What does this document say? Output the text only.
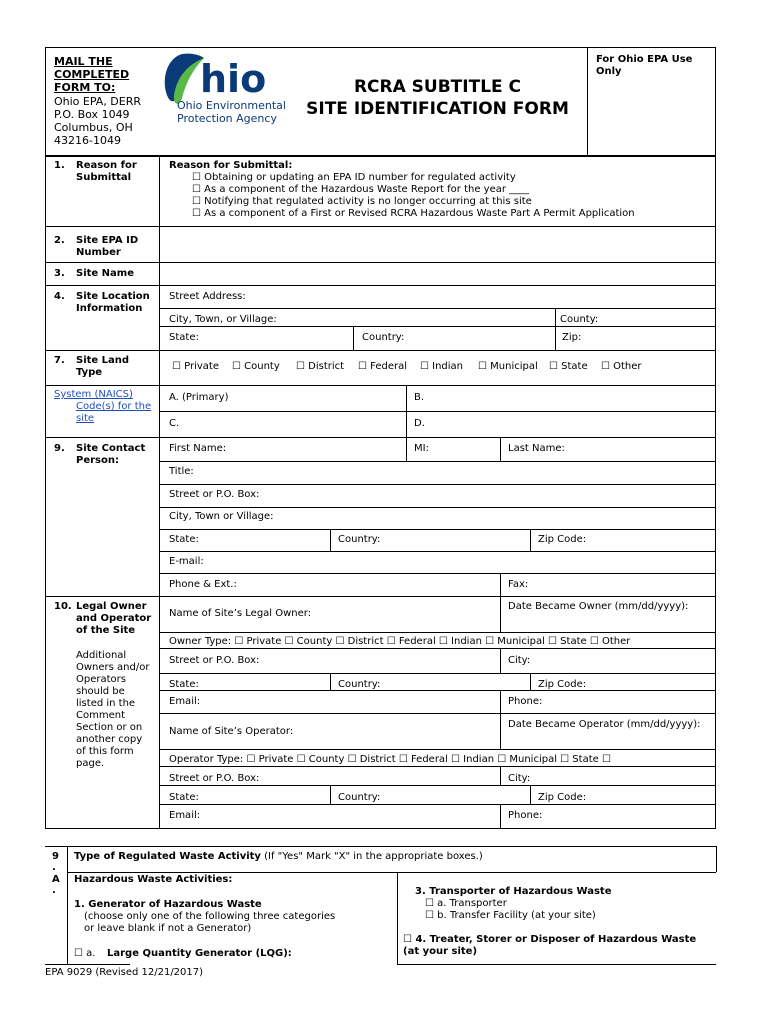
MAIL THE
COMPLETED
FORM TO:
Ohio EPA, DERR
P.O. Box 1049
Columbus, OH
43216-1049
hio
Ohio Environmental
Protection Agency
RCRA SUBTITLE C
SITE IDENTIFICATION FORM
For Ohio EPA Use
Only
1. Reason for
Submittal
Reason for Submittal:
☐ Obtaining or updating an EPA ID number for regulated activity
☐ As a component of the Hazardous Waste Report for the year ____
☐ Notifying that regulated activity is no longer occurring at this site
☐ As a component of a First or Revised RCRA Hazardous Waste Part A Permit Application
2. Site EPA ID
Number
3. Site Name
4. Site Location
Information
Street Address:
City, Town, or Village:	County:
State:	Country:	Zip:
7. Site Land
Type
☐ Private ☐ County ☐ District ☐ Federal ☐ Indian ☐ Municipal ☐ State ☐ Other
System (NAICS)
Code(s) for the
site
A. (Primary)	B.
C.	D.
9. Site Contact
Person:
First Name:	MI:	Last Name:
Title:
Street or P.O. Box:
City, Town or Village:
State:	Country:	Zip Code:
E-mail:
Phone & Ext.:	Fax:
10. Legal Owner
and Operator
of the Site
Additional
Owners and/or
Operators
should be
listed in the
Comment
Section or on
another copy
of this form
page.
Name of Site’s Legal Owner:
Date Became Owner (mm/dd/yyyy):
Owner Type: ☐ Private ☐ County ☐ District ☐ Federal ☐ Indian ☐ Municipal ☐ State ☐ Other
Street or P.O. Box:	City:
State:	Country:	Zip Code:
Email:	Phone:
Name of Site’s Operator:
Date Became Operator (mm/dd/yyyy):
Operator Type: ☐ Private ☐ County ☐ District ☐ Federal ☐ Indian ☐ Municipal ☐ State ☐
Street or P.O. Box:	City:
State:	Country:	Zip Code:
Email:	Phone:
9
.
A
.
Type of Regulated Waste Activity (If "Yes" Mark "X" in the appropriate boxes.)
Hazardous Waste Activities:
1. Generator of Hazardous Waste
(choose only one of the following three categories
or leave blank if not a Generator)
☐ a. Large Quantity Generator (LQG):
3. Transporter of Hazardous Waste
☐ a. Transporter
☐ b. Transfer Facility (at your site)
☐ 4. Treater, Storer or Disposer of Hazardous Waste
(at your site)
EPA 9029 (Revised 12/21/2017)
